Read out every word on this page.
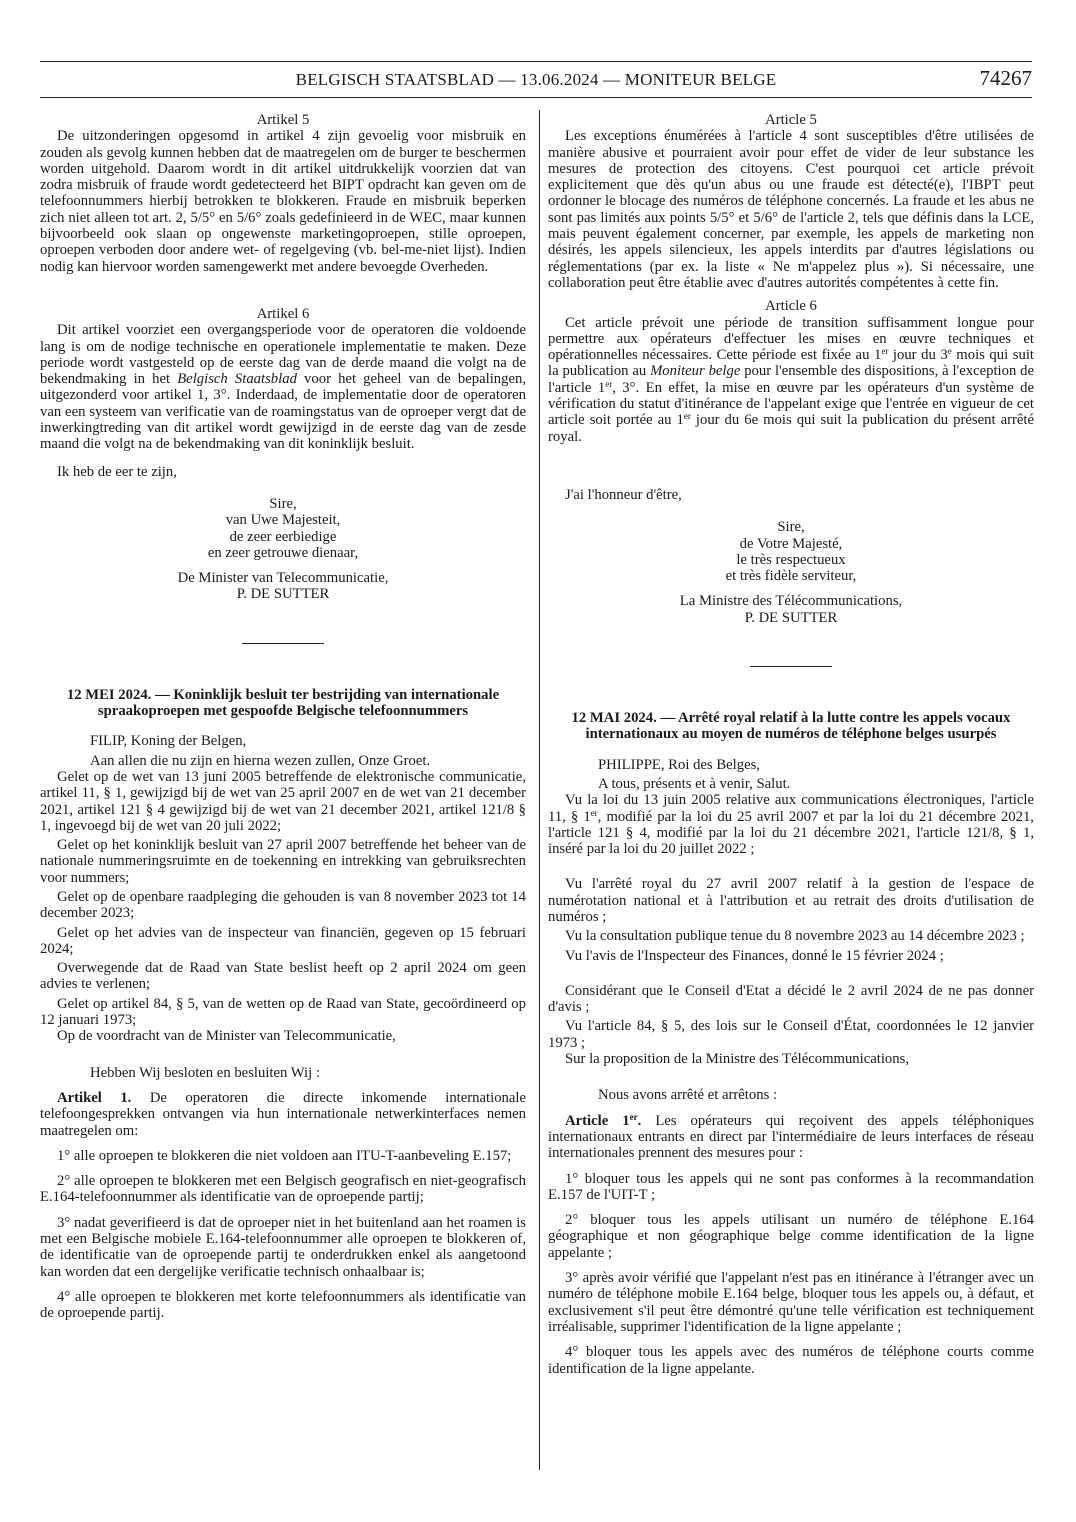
BELGISCH STAATSBLAD — 13.06.2024 — MONITEUR BELGE	74267

Artikel 5

De uitzonderingen opgesomd in artikel 4 zijn gevoelig voor misbruik en zouden als gevolg kunnen hebben dat de maatregelen om de burger te beschermen worden uitgehold. Daarom wordt in dit artikel uitdrukkelijk voorzien dat van zodra misbruik of fraude wordt gedetecteerd het BIPT opdracht kan geven om de telefoonnummers hierbij betrokken te blokkeren. Fraude en misbruik beperken zich niet alleen tot art. 2, 5/5° en 5/6° zoals gedefinieerd in de WEC, maar kunnen bijvoorbeeld ook slaan op ongewenste marketingoproepen, stille oproepen, oproepen verboden door andere wet- of regelgeving (vb. bel-me-niet lijst). Indien nodig kan hiervoor worden samengewerkt met andere bevoegde Overheden.

Artikel 6

Dit artikel voorziet een overgangsperiode voor de operatoren die voldoende lang is om de nodige technische en operationele implementatie te maken. Deze periode wordt vastgesteld op de eerste dag van de derde maand die volgt na de bekendmaking in het Belgisch Staatsblad voor het geheel van de bepalingen, uitgezonderd voor artikel 1, 3°. Inderdaad, de implementatie door de operatoren van een systeem van verificatie van de roamingstatus van de oproeper vergt dat de inwerkingtreding van dit artikel wordt gewijzigd in de eerste dag van de zesde maand die volgt na de bekendmaking van dit koninklijk besluit.

Ik heb de eer te zijn,

Sire,

van Uwe Majesteit,

de zeer eerbiedige

en zeer getrouwe dienaar,

De Minister van Telecommunicatie,

P. DE SUTTER

12 MEI 2024. — Koninklijk besluit ter bestrijding van internationale spraakoproepen met gespoofde Belgische telefoonnummers

FILIP, Koning der Belgen,

Aan allen die nu zijn en hierna wezen zullen, Onze Groet.

Gelet op de wet van 13 juni 2005 betreffende de elektronische communicatie, artikel 11, § 1, gewijzigd bij de wet van 25 april 2007 en de wet van 21 december 2021, artikel 121 § 4 gewijzigd bij de wet van 21 december 2021, artikel 121/8 § 1, ingevoegd bij de wet van 20 juli 2022;

Gelet op het koninklijk besluit van 27 april 2007 betreffende het beheer van de nationale nummeringsruimte en de toekenning en intrekking van gebruiksrechten voor nummers;

Gelet op de openbare raadpleging die gehouden is van 8 november 2023 tot 14 december 2023;

Gelet op het advies van de inspecteur van financiën, gegeven op 15 februari 2024;

Overwegende dat de Raad van State beslist heeft op 2 april 2024 om geen advies te verlenen;

Gelet op artikel 84, § 5, van de wetten op de Raad van State, gecoördineerd op 12 januari 1973;

Op de voordracht van de Minister van Telecommunicatie,

Hebben Wij besloten en besluiten Wij :

Artikel 1. De operatoren die directe inkomende internationale telefoongesprekken ontvangen via hun internationale netwerkinterfaces nemen maatregelen om:

1° alle oproepen te blokkeren die niet voldoen aan ITU-T-aanbeveling E.157;

2° alle oproepen te blokkeren met een Belgisch geografisch en niet-geografisch E.164-telefoonnummer als identificatie van de oproepende partij;

3° nadat geverifieerd is dat de oproeper niet in het buitenland aan het roamen is met een Belgische mobiele E.164-telefoonnummer alle oproepen te blokkeren of, de identificatie van de oproepende partij te onderdrukken enkel als aangetoond kan worden dat een dergelijke verificatie technisch onhaalbaar is;

4° alle oproepen te blokkeren met korte telefoonnummers als identificatie van de oproepende partij.

Article 5

Les exceptions énumérées à l'article 4 sont susceptibles d'être utilisées de manière abusive et pourraient avoir pour effet de vider de leur substance les mesures de protection des citoyens. C'est pourquoi cet article prévoit explicitement que dès qu'un abus ou une fraude est détecté(e), l'IBPT peut ordonner le blocage des numéros de téléphone concernés. La fraude et les abus ne sont pas limités aux points 5/5° et 5/6° de l'article 2, tels que définis dans la LCE, mais peuvent également concerner, par exemple, les appels de marketing non désirés, les appels silencieux, les appels interdits par d'autres législations ou réglementations (par ex. la liste « Ne m'appelez plus »). Si nécessaire, une collaboration peut être établie avec d'autres autorités compétentes à cette fin.

Article 6

Cet article prévoit une période de transition suffisamment longue pour permettre aux opérateurs d'effectuer les mises en œuvre techniques et opérationnelles nécessaires. Cette période est fixée au 1er jour du 3e mois qui suit la publication au Moniteur belge pour l'ensemble des dispositions, à l'exception de l'article 1er, 3°. En effet, la mise en œuvre par les opérateurs d'un système de vérification du statut d'itinérance de l'appelant exige que l'entrée en vigueur de cet article soit portée au 1er jour du 6e mois qui suit la publication du présent arrêté royal.

J'ai l'honneur d'être,

Sire,

de Votre Majesté,

le très respectueux

et très fidèle serviteur,

La Ministre des Télécommunications,

P. DE SUTTER

12 MAI 2024. — Arrêté royal relatif à la lutte contre les appels vocaux internationaux au moyen de numéros de téléphone belges usurpés

PHILIPPE, Roi des Belges,

A tous, présents et à venir, Salut.

Vu la loi du 13 juin 2005 relative aux communications électroniques, l'article 11, § 1er, modifié par la loi du 25 avril 2007 et par la loi du 21 décembre 2021, l'article 121 § 4, modifié par la loi du 21 décembre 2021, l'article 121/8, § 1, inséré par la loi du 20 juillet 2022 ;

Vu l'arrêté royal du 27 avril 2007 relatif à la gestion de l'espace de numérotation national et à l'attribution et au retrait des droits d'utilisation de numéros ;

Vu la consultation publique tenue du 8 novembre 2023 au 14 décembre 2023 ;

Vu l'avis de l'Inspecteur des Finances, donné le 15 février 2024 ;

Considérant que le Conseil d'Etat a décidé le 2 avril 2024 de ne pas donner d'avis ;

Vu l'article 84, § 5, des lois sur le Conseil d'État, coordonnées le 12 janvier 1973 ;

Sur la proposition de la Ministre des Télécommunications,

Nous avons arrêté et arrêtons :

Article 1er. Les opérateurs qui reçoivent des appels téléphoniques internationaux entrants en direct par l'intermédiaire de leurs interfaces de réseau internationales prennent des mesures pour :

1° bloquer tous les appels qui ne sont pas conformes à la recommandation E.157 de l'UIT-T ;

2° bloquer tous les appels utilisant un numéro de téléphone E.164 géographique et non géographique belge comme identification de la ligne appelante ;

3° après avoir vérifié que l'appelant n'est pas en itinérance à l'étranger avec un numéro de téléphone mobile E.164 belge, bloquer tous les appels ou, à défaut, et exclusivement s'il peut être démontré qu'une telle vérification est techniquement irréalisable, supprimer l'identification de la ligne appelante ;

4° bloquer tous les appels avec des numéros de téléphone courts comme identification de la ligne appelante.
